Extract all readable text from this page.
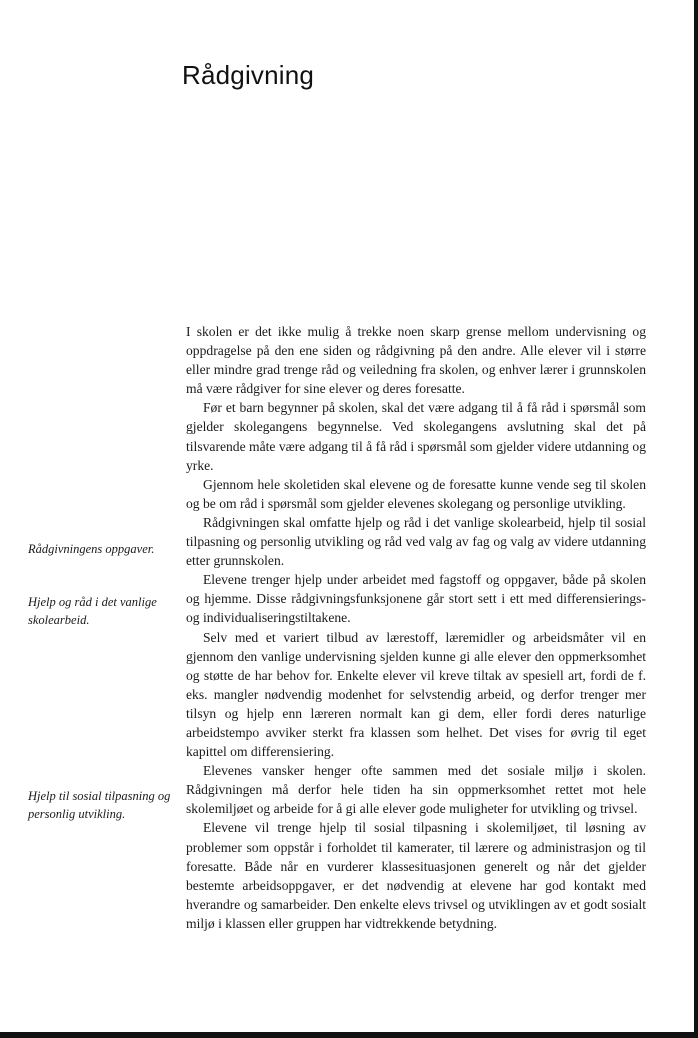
Rådgivning

Rådgivningens oppgaver.

Hjelp og råd i det vanlige skolearbeid.

Hjelp til sosial tilpasning og personlig utvikling.

I skolen er det ikke mulig å trekke noen skarp grense mellom undervisning og oppdragelse på den ene siden og rådgivning på den andre. Alle elever vil i større eller mindre grad trenge råd og veiledning fra skolen, og enhver lærer i grunnskolen må være rådgiver for sine elever og deres foresatte.

Før et barn begynner på skolen, skal det være adgang til å få råd i spørsmål som gjelder skolegangens begynnelse. Ved skolegangens avslutning skal det på tilsvarende måte være adgang til å få råd i spørsmål som gjelder videre utdanning og yrke.

Gjennom hele skoletiden skal elevene og de foresatte kunne vende seg til skolen og be om råd i spørsmål som gjelder elevenes skolegang og personlige utvikling.

Rådgivningen skal omfatte hjelp og råd i det vanlige skolearbeid, hjelp til sosial tilpasning og personlig utvikling og råd ved valg av fag og valg av videre utdanning etter grunnskolen.

Elevene trenger hjelp under arbeidet med fagstoff og oppgaver, både på skolen og hjemme. Disse rådgivningsfunksjonene går stort sett i ett med differensierings- og individualiseringstiltakene.

Selv med et variert tilbud av lærestoff, læremidler og arbeidsmåter vil en gjennom den vanlige undervisning sjelden kunne gi alle elever den oppmerksomhet og støtte de har behov for. Enkelte elever vil kreve tiltak av spesiell art, fordi de f. eks. mangler nødvendig modenhet for selvstendig arbeid, og derfor trenger mer tilsyn og hjelp enn læreren normalt kan gi dem, eller fordi deres naturlige arbeidstempo avviker sterkt fra klassen som helhet. Det vises for øvrig til eget kapittel om differensiering.

Elevenes vansker henger ofte sammen med det sosiale miljø i skolen. Rådgivningen må derfor hele tiden ha sin oppmerksomhet rettet mot hele skolemiljøet og arbeide for å gi alle elever gode muligheter for utvikling og trivsel.

Elevene vil trenge hjelp til sosial tilpasning i skolemiljøet, til løsning av problemer som oppstår i forholdet til kamerater, til lærere og administrasjon og til foresatte. Både når en vurderer klassesituasjonen generelt og når det gjelder bestemte arbeidsoppgaver, er det nødvendig at elevene har god kontakt med hverandre og samarbeider. Den enkelte elevs trivsel og utviklingen av et godt sosialt miljø i klassen eller gruppen har vidtrekkende betydning.
